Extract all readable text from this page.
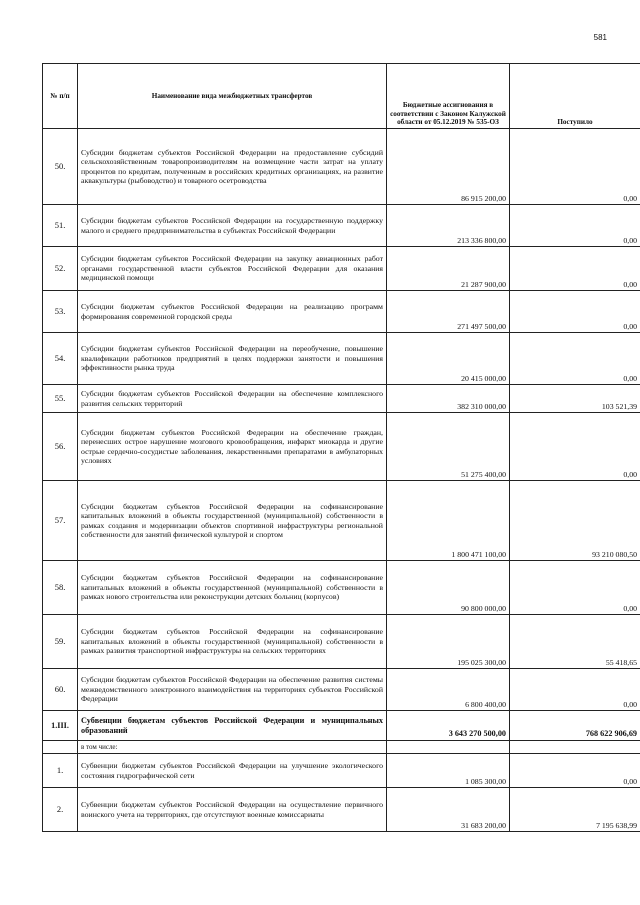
581
№ п/п	Наименование вида межбюджетных трансфертов	Бюджетные ассигнования в соответствии с Законом Калужской области от 05.12.2019 № 535-ОЗ	Поступило
50.	Субсидии бюджетам субъектов Российской Федерации на предоставление субсидий сельскохозяйственным товаропроизводителям на возмещение части затрат на уплату процентов по кредитам, полученным в российских кредитных организациях, на развитие аквакультуры (рыбоводство) и товарного осетроводства	86 915 200,00	0,00
51.	Субсидии бюджетам субъектов Российской Федерации на государственную поддержку малого и среднего предпринимательства в субъектах Российской Федерации	213 336 800,00	0,00
52.	Субсидии бюджетам субъектов Российской Федерации на закупку авиационных работ органами государственной власти субъектов Российской Федерации для оказания медицинской помощи	21 287 900,00	0,00
53.	Субсидии бюджетам субъектов Российской Федерации на реализацию программ формирования современной городской среды	271 497 500,00	0,00
54.	Субсидии бюджетам субъектов Российской Федерации на переобучение, повышение квалификации работников предприятий в целях поддержки занятости и повышения эффективности рынка труда	20 415 000,00	0,00
55.	Субсидии бюджетам субъектов Российской Федерации на обеспечение комплексного развития сельских территорий	382 310 000,00	103 521,39
56.	Субсидии бюджетам субъектов Российской Федерации на обеспечение граждан, перенесших острое нарушение мозгового кровообращения, инфаркт миокарда и другие острые сердечно-сосудистые заболевания, лекарственными препаратами в амбулаторных условиях	51 275 400,00	0,00
57.	Субсидии бюджетам субъектов Российской Федерации на софинансирование капитальных вложений в объекты государственной (муниципальной) собственности в рамках создания и модернизации объектов спортивной инфраструктуры региональной собственности для занятий физической культурой и спортом	1 800 471 100,00	93 210 080,50
58.	Субсидии бюджетам субъектов Российской Федерации на софинансирование капитальных вложений в объекты государственной (муниципальной) собственности в рамках нового строительства или реконструкции детских больниц (корпусов)	90 800 000,00	0,00
59.	Субсидии бюджетам субъектов Российской Федерации на софинансирование капитальных вложений в объекты государственной (муниципальной) собственности в рамках развития транспортной инфраструктуры на сельских территориях	195 025 300,00	55 418,65
60.	Субсидии бюджетам субъектов Российской Федерации на обеспечение развития системы межведомственного электронного взаимодействия на территориях субъектов Российской Федерации	6 800 400,00	0,00
1.III.	Субвенции бюджетам субъектов Российской Федерации и муниципальных образований	3 643 270 500,00	768 622 906,69
	в том числе:		
1.	Субвенции бюджетам субъектов Российской Федерации на улучшение экологического состояния гидрографической сети	1 085 300,00	0,00
2.	Субвенции бюджетам субъектов Российской Федерации на осуществление первичного воинского учета на территориях, где отсутствуют военные комиссариаты	31 683 200,00	7 195 638,99
